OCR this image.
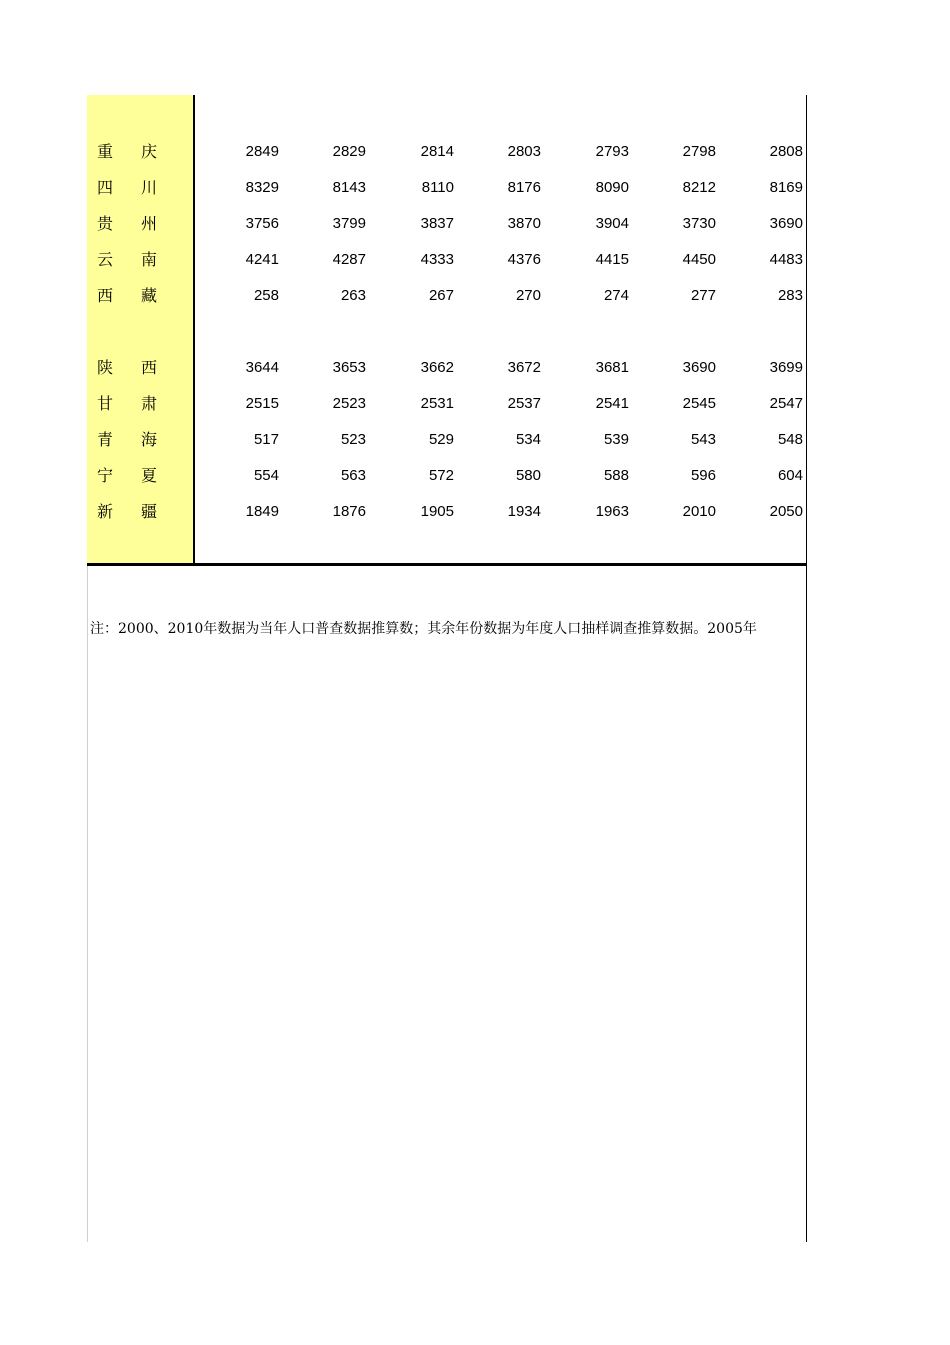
重 庆	2849	2829	2814	2803	2793	2798	2808
四 川	8329	8143	8110	8176	8090	8212	8169
贵 州	3756	3799	3837	3870	3904	3730	3690
云 南	4241	4287	4333	4376	4415	4450	4483
西 藏	258	263	267	270	274	277	283
陕 西	3644	3653	3662	3672	3681	3690	3699
甘 肃	2515	2523	2531	2537	2541	2545	2547
青 海	517	523	529	534	539	543	548
宁 夏	554	563	572	580	588	596	604
新 疆	1849	1876	1905	1934	1963	2010	2050
注：2000、2010年数据为当年人口普查数据推算数；其余年份数据为年度人口抽样调查推算数据。2005年
